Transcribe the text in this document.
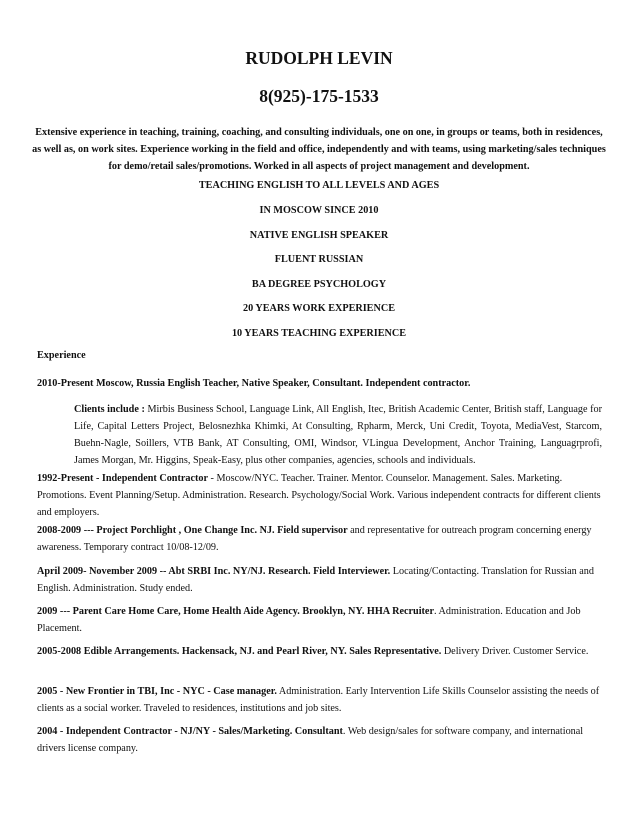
RUDOLPH LEVIN
8(925)-175-1533
Extensive experience in teaching, training, coaching, and consulting individuals, one on one, in groups or teams, both in residences, as well as, on work sites. Experience working in the field and office, independently and with teams, using marketing/sales techniques for demo/retail sales/promotions. Worked in all aspects of project management and development.
TEACHING ENGLISH TO ALL LEVELS AND AGES
IN MOSCOW SINCE 2010
NATIVE ENGLISH SPEAKER
FLUENT RUSSIAN
BA DEGREE PSYCHOLOGY
20 YEARS WORK EXPERIENCE
10 YEARS TEACHING EXPERIENCE
Experience
2010-Present Moscow, Russia English Teacher, Native Speaker, Consultant. Independent contractor.
Clients include : Mirbis Business School, Language Link, All English, Itec, British Academic Center, British staff, Language for Life, Capital Letters Project, Belosnezhka Khimki, At Consulting, Rpharm, Merck, Uni Credit, Toyota, MediaVest, Starcom, Buehn-Nagle, Soillers, VTB Bank, AT Consulting, OMI, Windsor, VLingua Development, Anchor Training, Languagrprofi, James Morgan, Mr. Higgins, Speak-Easy, plus other companies, agencies, schools and individuals.
1992-Present - Independent Contractor - Moscow/NYC. Teacher. Trainer. Mentor. Counselor. Management. Sales. Marketing. Promotions. Event Planning/Setup. Administration. Research. Psychology/Social Work. Various independent contracts for different clients and employers.
2008-2009 --- Project Porchlight , One Change Inc. NJ. Field supervisor and representative for outreach program concerning energy awareness. Temporary contract 10/08-12/09.
April 2009- November 2009 -- Abt SRBI Inc. NY/NJ. Research. Field Interviewer. Locating/Contacting. Translation for Russian and English. Administration. Study ended.
2009 --- Parent Care Home Care, Home Health Aide Agency. Brooklyn, NY. HHA Recruiter. Administration. Education and Job Placement.
2005-2008 Edible Arrangements. Hackensack, NJ. and Pearl River, NY. Sales Representative. Delivery Driver. Customer Service.
2005 - New Frontier in TBI, Inc - NYC - Case manager. Administration. Early Intervention Life Skills Counselor assisting the needs of clients as a social worker. Traveled to residences, institutions and job sites.
2004 - Independent Contractor - NJ/NY - Sales/Marketing. Consultant. Web design/sales for software company, and international drivers license company.
